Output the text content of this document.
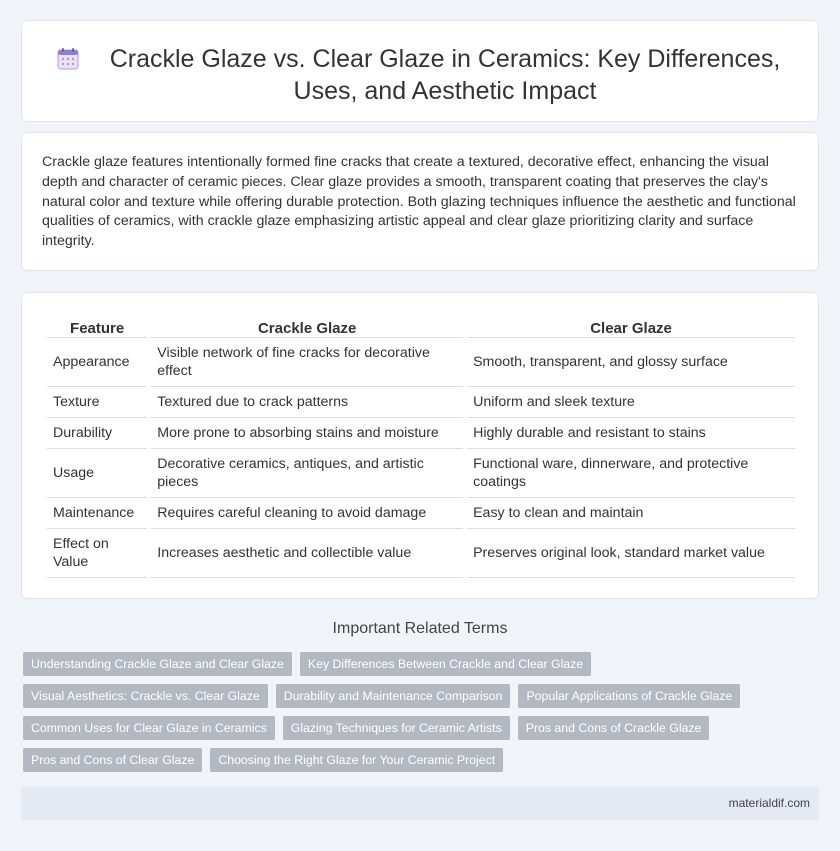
Crackle Glaze vs. Clear Glaze in Ceramics: Key Differences, Uses, and Aesthetic Impact

Crackle glaze features intentionally formed fine cracks that create a textured, decorative effect, enhancing the visual depth and character of ceramic pieces. Clear glaze provides a smooth, transparent coating that preserves the clay's natural color and texture while offering durable protection. Both glazing techniques influence the aesthetic and functional qualities of ceramics, with crackle glaze emphasizing artistic appeal and clear glaze prioritizing clarity and surface integrity.

Feature	Crackle Glaze	Clear Glaze
Appearance	Visible network of fine cracks for decorative effect	Smooth, transparent, and glossy surface
Texture	Textured due to crack patterns	Uniform and sleek texture
Durability	More prone to absorbing stains and moisture	Highly durable and resistant to stains
Usage	Decorative ceramics, antiques, and artistic pieces	Functional ware, dinnerware, and protective coatings
Maintenance	Requires careful cleaning to avoid damage	Easy to clean and maintain
Effect on Value	Increases aesthetic and collectible value	Preserves original look, standard market value
Important Related Terms
Understanding Crackle Glaze and Clear Glaze	Key Differences Between Crackle and Clear Glaze
Visual Aesthetics: Crackle vs. Clear Glaze	Durability and Maintenance Comparison	Popular Applications of Crackle Glaze
Common Uses for Clear Glaze in Ceramics	Glazing Techniques for Ceramic Artists	Pros and Cons of Crackle Glaze
Pros and Cons of Clear Glaze	Choosing the Right Glaze for Your Ceramic Project
materialdif.com
